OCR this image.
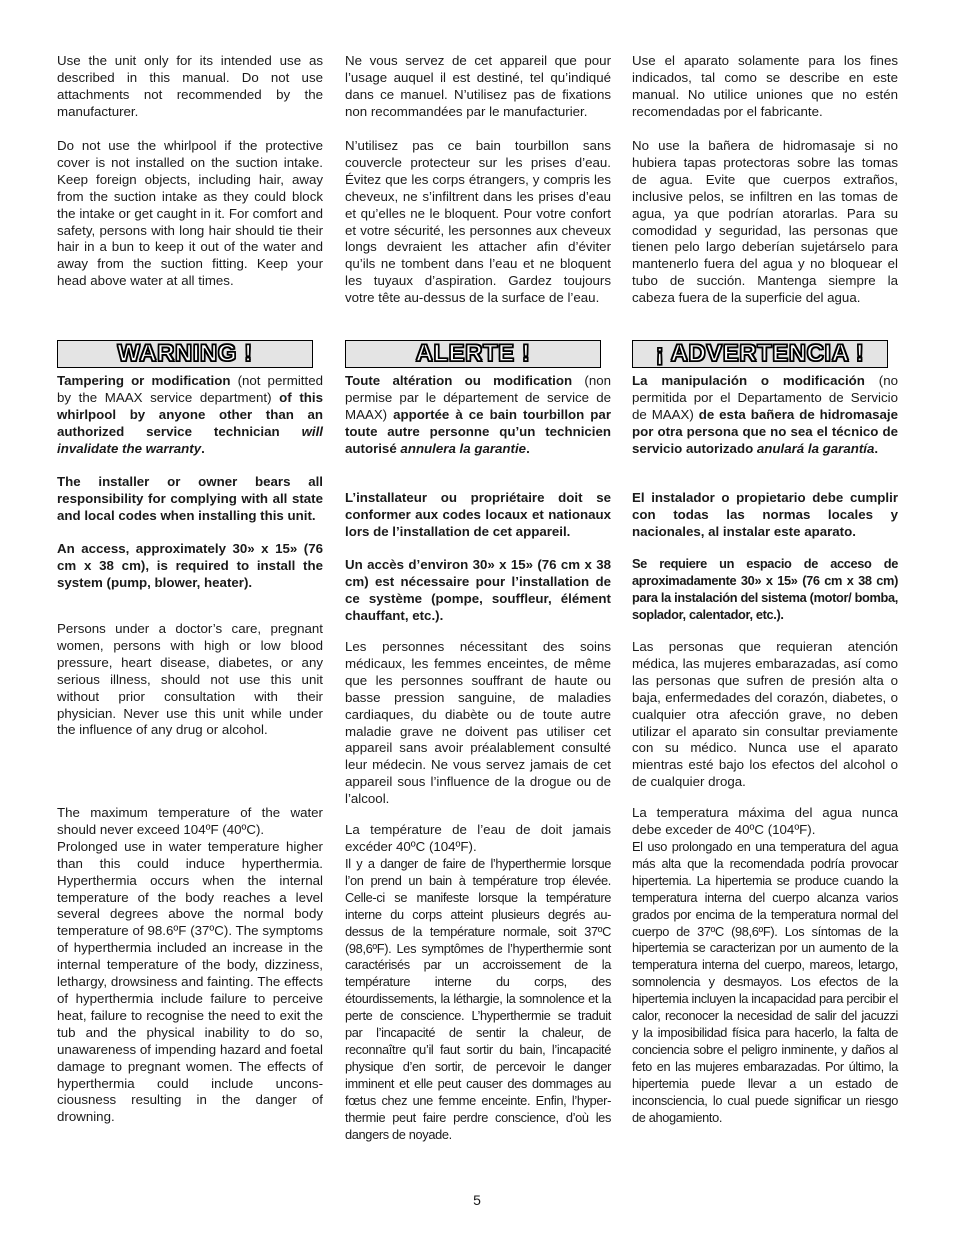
Use the unit only for its intended use as described in this manual. Do not use attachments not recommended by the manufacturer.

Do not use the whirlpool if the protective cover is not installed on the suction intake. Keep foreign objects, including hair, away from the suction intake as they could block the intake or get caught in it. For comfort and safety, persons with long hair should tie their hair in a bun to keep it out of the water and away from the suction fitting. Keep your head above water at all times.

WARNING !

Tampering or modification (not permitted by the MAAX service department) of this whirlpool by anyone other than an authorized service technician will invalidate the warranty.

The installer or owner bears all responsibility for complying with all state and local codes when installing this unit.

An access, approximately 30» x 15» (76 cm x 38 cm), is required to install the system (pump, blower, heater).

Persons under a doctor’s care, pregnant women, persons with high or low blood pressure, heart disease, diabetes, or any serious illness, should not use this unit without prior consultation with their physician. Never use this unit while under the influence of any drug or alcohol.

The maximum temperature of the water should never exceed 104ºF (40ºC).
Prolonged use in water temperature higher than this could induce hyperthermia. Hyperthermia occurs when the internal temperature of the body reaches a level several degrees above the normal body temperature of 98.6ºF (37ºC). The symptoms of hyperthermia included an increase in the internal temperature of the body, dizziness, lethargy, drowsiness and fainting. The effects of hyperthermia include failure to perceive heat, failure to recognise the need to exit the tub and the physical inability to do so, unawareness of impending hazard and foetal damage to pregnant women. The effects of hyperthermia could include uncons-ciousness resulting in the danger of drowning.

Ne vous servez de cet appareil que pour l’usage auquel il est destiné, tel qu’indiqué dans ce manuel. N’utilisez pas de fixations non recommandées par le manufacturier.

N’utilisez pas ce bain tourbillon sans couvercle protecteur sur les prises d’eau. Évitez que les corps étrangers, y compris les cheveux, ne s’infiltrent dans les prises d’eau et qu’elles ne le bloquent. Pour votre confort et votre sécurité, les personnes aux cheveux longs devraient les attacher afin d’éviter qu’ils ne tombent dans l’eau et ne bloquent les tuyaux d’aspiration. Gardez toujours votre tête au-dessus de la surface de l’eau.

ALERTE !

Toute altération ou modification (non permise par le département de service de MAAX) apportée à ce bain tourbillon par toute autre personne qu’un technicien autorisé annulera la garantie.

L’installateur ou propriétaire doit se conformer aux codes locaux et nationaux lors de l’installation de cet appareil.

Un accès d’environ 30» x 15» (76 cm x 38 cm) est nécessaire pour l’installation de ce système (pompe, souffleur, élément chauffant, etc.).

Les personnes nécessitant des soins médicaux, les femmes enceintes, de même que les personnes souffrant de haute ou basse pression sanguine, de maladies cardiaques, du diabète ou de toute autre maladie grave ne doivent pas utiliser cet appareil sans avoir préalablement consulté leur médecin. Ne vous servez jamais de cet appareil sous l’influence de la drogue ou de l’alcool.

La température de l’eau de doit jamais excéder 40ºC (104ºF).

Il y a danger de faire de l’hyperthermie lorsque l’on prend un bain à température trop élevée. Celle-ci se manifeste lorsque la température interne du corps atteint plusieurs degrés au-dessus de la température normale, soit 37ºC (98,6ºF). Les symptômes de l’hyperthermie sont caractérisés par un accroissement de la température interne du corps, des étourdissements, la léthargie, la somnolence et la perte de conscience. L’hyperthermie se traduit par l’incapacité de sentir la chaleur, de reconnaître qu’il faut sortir du bain, l’incapacité physique d’en sortir, de percevoir le danger imminent et elle peut causer des dommages au fœtus chez une femme enceinte. Enfin, l’hyper-thermie peut faire perdre conscience, d’où les dangers de noyade.

Use el aparato solamente para los fines indicados, tal como se describe en este manual. No utilice uniones que no estén recomendadas por el fabricante.

No use la bañera de hidromasaje si no hubiera tapas protectoras sobre las tomas de agua. Evite que cuerpos extraños, inclusive pelos, se infiltren en las tomas de agua, ya que podrían atorarlas. Para su comodidad y seguridad, las personas que tienen pelo largo deberían sujetárselo para mantenerlo fuera del agua y no bloquear el tubo de succión. Mantenga siempre la cabeza fuera de la superficie del agua.

¡ ADVERTENCIA !

La manipulación o modificación (no permitida por el Departamento de Servicio de MAAX) de esta bañera de hidromasaje por otra persona que no sea el técnico de servicio autorizado anulará la garantía.

El instalador o propietario debe cumplir con todas las normas locales y nacionales, al instalar este aparato.

Se requiere un espacio de acceso de aproximadamente 30» x 15» (76 cm x 38 cm) para la instalación del sistema (motor/ bomba, soplador, calentador, etc.).

Las personas que requieran atención médica, las mujeres embarazadas, así como las personas que sufren de presión alta o baja, enfermedades del corazón, diabetes, o cualquier otra afección grave, no deben utilizar el aparato sin consultar previamente con su médico. Nunca use el aparato mientras esté bajo los efectos del alcohol o de cualquier droga.

La temperatura máxima del agua nunca debe exceder de 40ºC (104ºF).

El uso prolongado en una temperatura del agua más alta que la recomendada podría provocar hipertemia. La hipertemia se produce cuando la temperatura interna del cuerpo alcanza varios grados por encima de la temperatura normal del cuerpo de 37ºC (98,6ºF). Los síntomas de la hipertemia se caracterizan por un aumento de la temperatura interna del cuerpo, mareos, letargo, somnolencia y desmayos. Los efectos de la hipertemia incluyen la incapacidad para percibir el calor, reconocer la necesidad de salir del jacuzzi y la imposibilidad física para hacerlo, la falta de conciencia sobre el peligro inminente, y daños al feto en las mujeres embarazadas. Por último, la hipertemia puede llevar a un estado de inconsciencia, lo cual puede significar un riesgo de ahogamiento.

5
